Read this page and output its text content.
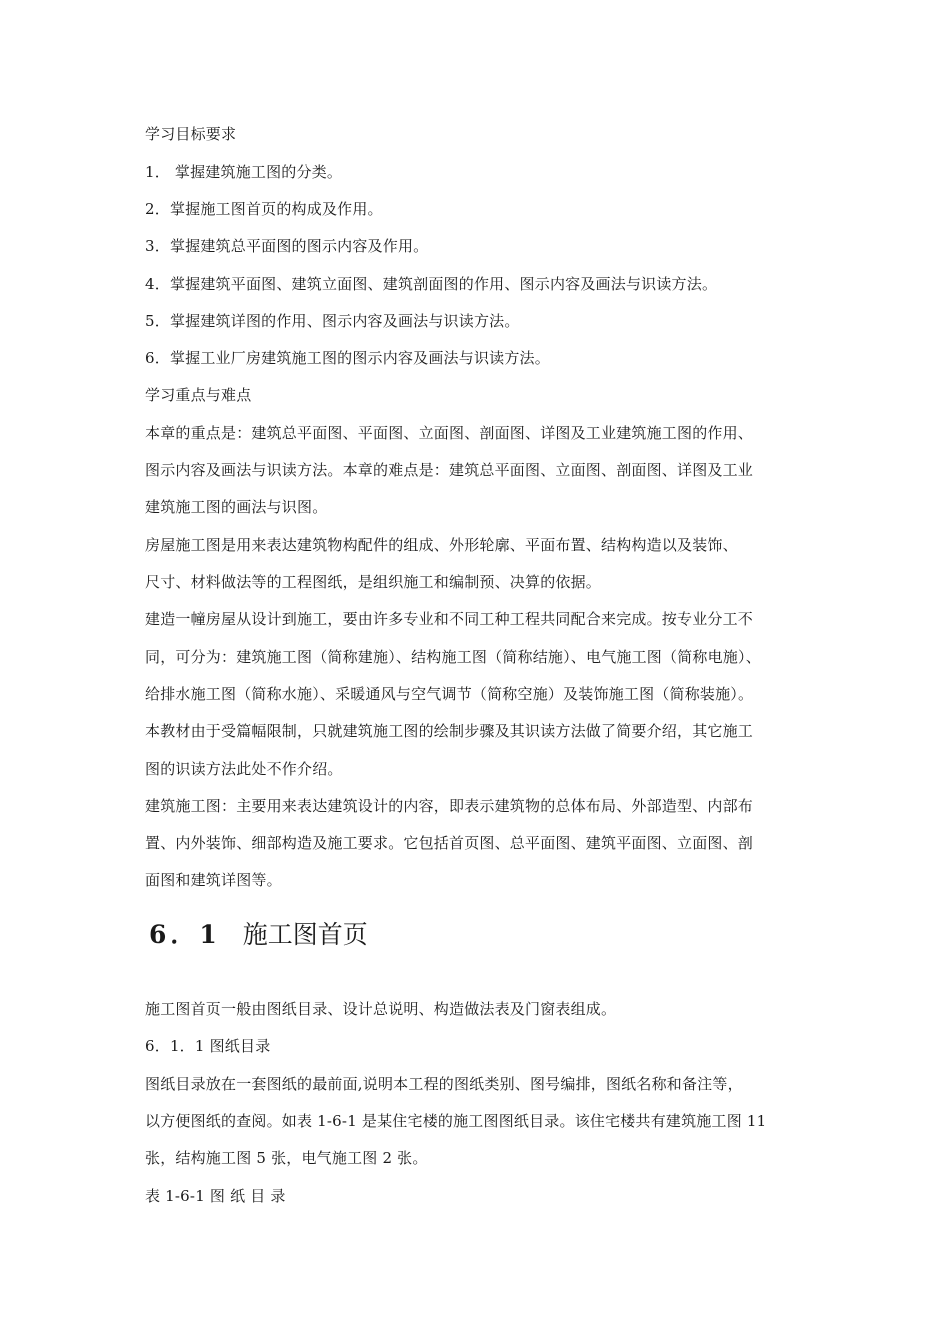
学习目标要求
1． 掌握建筑施工图的分类。
2．掌握施工图首页的构成及作用。
3．掌握建筑总平面图的图示内容及作用。
4．掌握建筑平面图、建筑立面图、建筑剖面图的作用、图示内容及画法与识读方法。
5．掌握建筑详图的作用、图示内容及画法与识读方法。
6．掌握工业厂房建筑施工图的图示内容及画法与识读方法。
学习重点与难点
本章的重点是：建筑总平面图、平面图、立面图、剖面图、详图及工业建筑施工图的作用、
图示内容及画法与识读方法。本章的难点是：建筑总平面图、立面图、剖面图、详图及工业
建筑施工图的画法与识图。
房屋施工图是用来表达建筑物构配件的组成、外形轮廓、平面布置、结构构造以及装饰、
尺寸、材料做法等的工程图纸，是组织施工和编制预、决算的依据。
建造一幢房屋从设计到施工，要由许多专业和不同工种工程共同配合来完成。按专业分工不
同，可分为：建筑施工图（简称建施）、结构施工图（简称结施）、电气施工图（简称电施）、
给排水施工图（简称水施）、采暖通风与空气调节（简称空施）及装饰施工图（简称装施）。
本教材由于受篇幅限制，只就建筑施工图的绘制步骤及其识读方法做了简要介绍，其它施工
图的识读方法此处不作介绍。
建筑施工图：主要用来表达建筑设计的内容，即表示建筑物的总体布局、外部造型、内部布
置、内外装饰、细部构造及施工要求。它包括首页图、总平面图、建筑平面图、立面图、剖
面图和建筑详图等。
6．1 施工图首页
施工图首页一般由图纸目录、设计总说明、构造做法表及门窗表组成。
6．1．1 图纸目录
图纸目录放在一套图纸的最前面,说明本工程的图纸类别、图号编排，图纸名称和备注等，
以方便图纸的查阅。如表 1-6-1 是某住宅楼的施工图图纸目录。该住宅楼共有建筑施工图 11
张，结构施工图 5 张，电气施工图 2 张。
表 1-6-1 图 纸 目 录
